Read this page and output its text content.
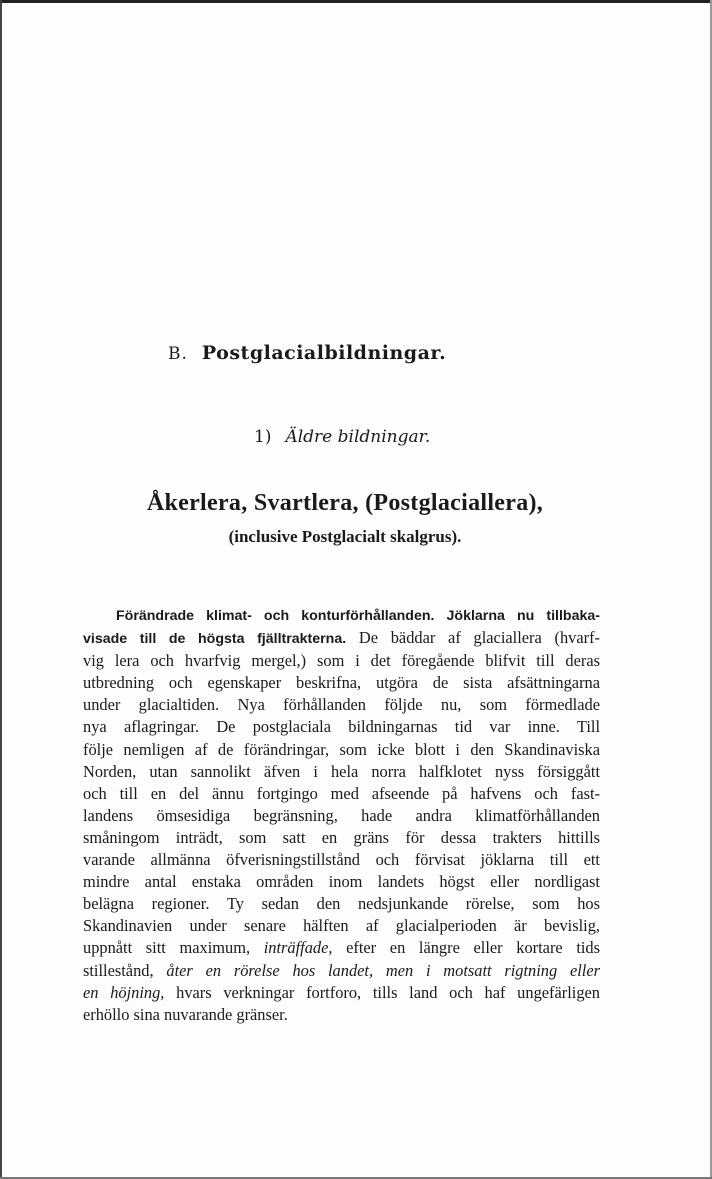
B. Postglacialbildningar.
1) Äldre bildningar.
Åkerlera, Svartlera, (Postglaciallera),
(inclusive Postglacialt skalgrus).
Förändrade klimat- och konturförhållanden. Jöklarna nu tillbaka-
visade till de högsta fjälltrakterna. De bäddar af glaciallera (hvarf-
vig lera och hvarfvig mergel,) som i det föregående blifvit till deras
utbredning och egenskaper beskrifna, utgöra de sista afsättningarna
under glacialtiden. Nya förhållanden följde nu, som förmedlade
nya aflagringar. De postglaciala bildningarnas tid var inne. Till
följe nemligen af de förändringar, som icke blott i den Skandinaviska
Norden, utan sannolikt äfven i hela norra halfklotet nyss försiggått
och till en del ännu fortgingo med afseende på hafvens och fast-
landens ömsesidiga begränsning, hade andra klimatförhållanden
småningom inträdt, som satt en gräns för dessa trakters hittills
varande allmänna öfverisningstillstånd och förvisat jöklarna till ett
mindre antal enstaka områden inom landets högst eller nordligast
belägna regioner. Ty sedan den nedsjunkande rörelse, som hos
Skandinavien under senare hälften af glacialperioden är bevislig,
uppnått sitt maximum, inträffade, efter en längre eller kortare tids
stillestånd, åter en rörelse hos landet, men i motsatt rigtning eller
en höjning, hvars verkningar fortforo, tills land och haf ungefärligen
erhöllo sina nuvarande gränser.
